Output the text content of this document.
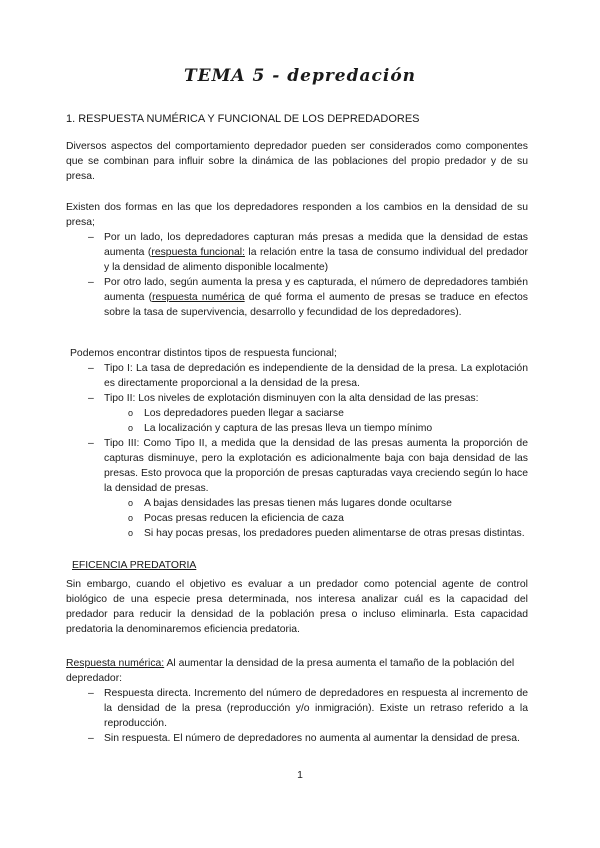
TEMA 5 - depredación
1. RESPUESTA NUMÉRICA Y FUNCIONAL DE LOS DEPREDADORES

Diversos aspectos del comportamiento depredador pueden ser considerados como componentes que se combinan para influir sobre la dinámica de las poblaciones del propio predador y de su presa.

Existen dos formas en las que los depredadores responden a los cambios en la densidad de su presa;

– Por un lado, los depredadores capturan más presas a medida que la densidad de estas aumenta (respuesta funcional: la relación entre la tasa de consumo individual del predador y la densidad de alimento disponible localmente)
– Por otro lado, según aumenta la presa y es capturada, el número de depredadores también aumenta (respuesta numérica de qué forma el aumento de presas se traduce en efectos sobre la tasa de supervivencia, desarrollo y fecundidad de los depredadores).

Podemos encontrar distintos tipos de respuesta funcional;

– Tipo I: La tasa de depredación es independiente de la densidad de la presa. La explotación es directamente proporcional a la densidad de la presa.
– Tipo II: Los niveles de explotación disminuyen con la alta densidad de las presas:
o Los depredadores pueden llegar a saciarse
o La localización y captura de las presas lleva un tiempo mínimo
– Tipo III: Como Tipo II, a medida que la densidad de las presas aumenta la proporción de capturas disminuye, pero la explotación es adicionalmente baja con baja densidad de las presas. Esto provoca que la proporción de presas capturadas vaya creciendo según lo hace la densidad de presas.
o A bajas densidades las presas tienen más lugares donde ocultarse
o Pocas presas reducen la eficiencia de caza
o Si hay pocas presas, los predadores pueden alimentarse de otras presas distintas.
EFICENCIA PREDATORIA

Sin embargo, cuando el objetivo es evaluar a un predador como potencial agente de control biológico de una especie presa determinada, nos interesa analizar cuál es la capacidad del predador para reducir la densidad de la población presa o incluso eliminarla. Esta capacidad predatoria la denominaremos eficiencia predatoria.

Respuesta numérica: Al aumentar la densidad de la presa aumenta el tamaño de la población del depredador:

– Respuesta directa. Incremento del número de depredadores en respuesta al incremento de la densidad de la presa (reproducción y/o inmigración). Existe un retraso referido a la reproducción.
– Sin respuesta. El número de depredadores no aumenta al aumentar la densidad de presa.
1
